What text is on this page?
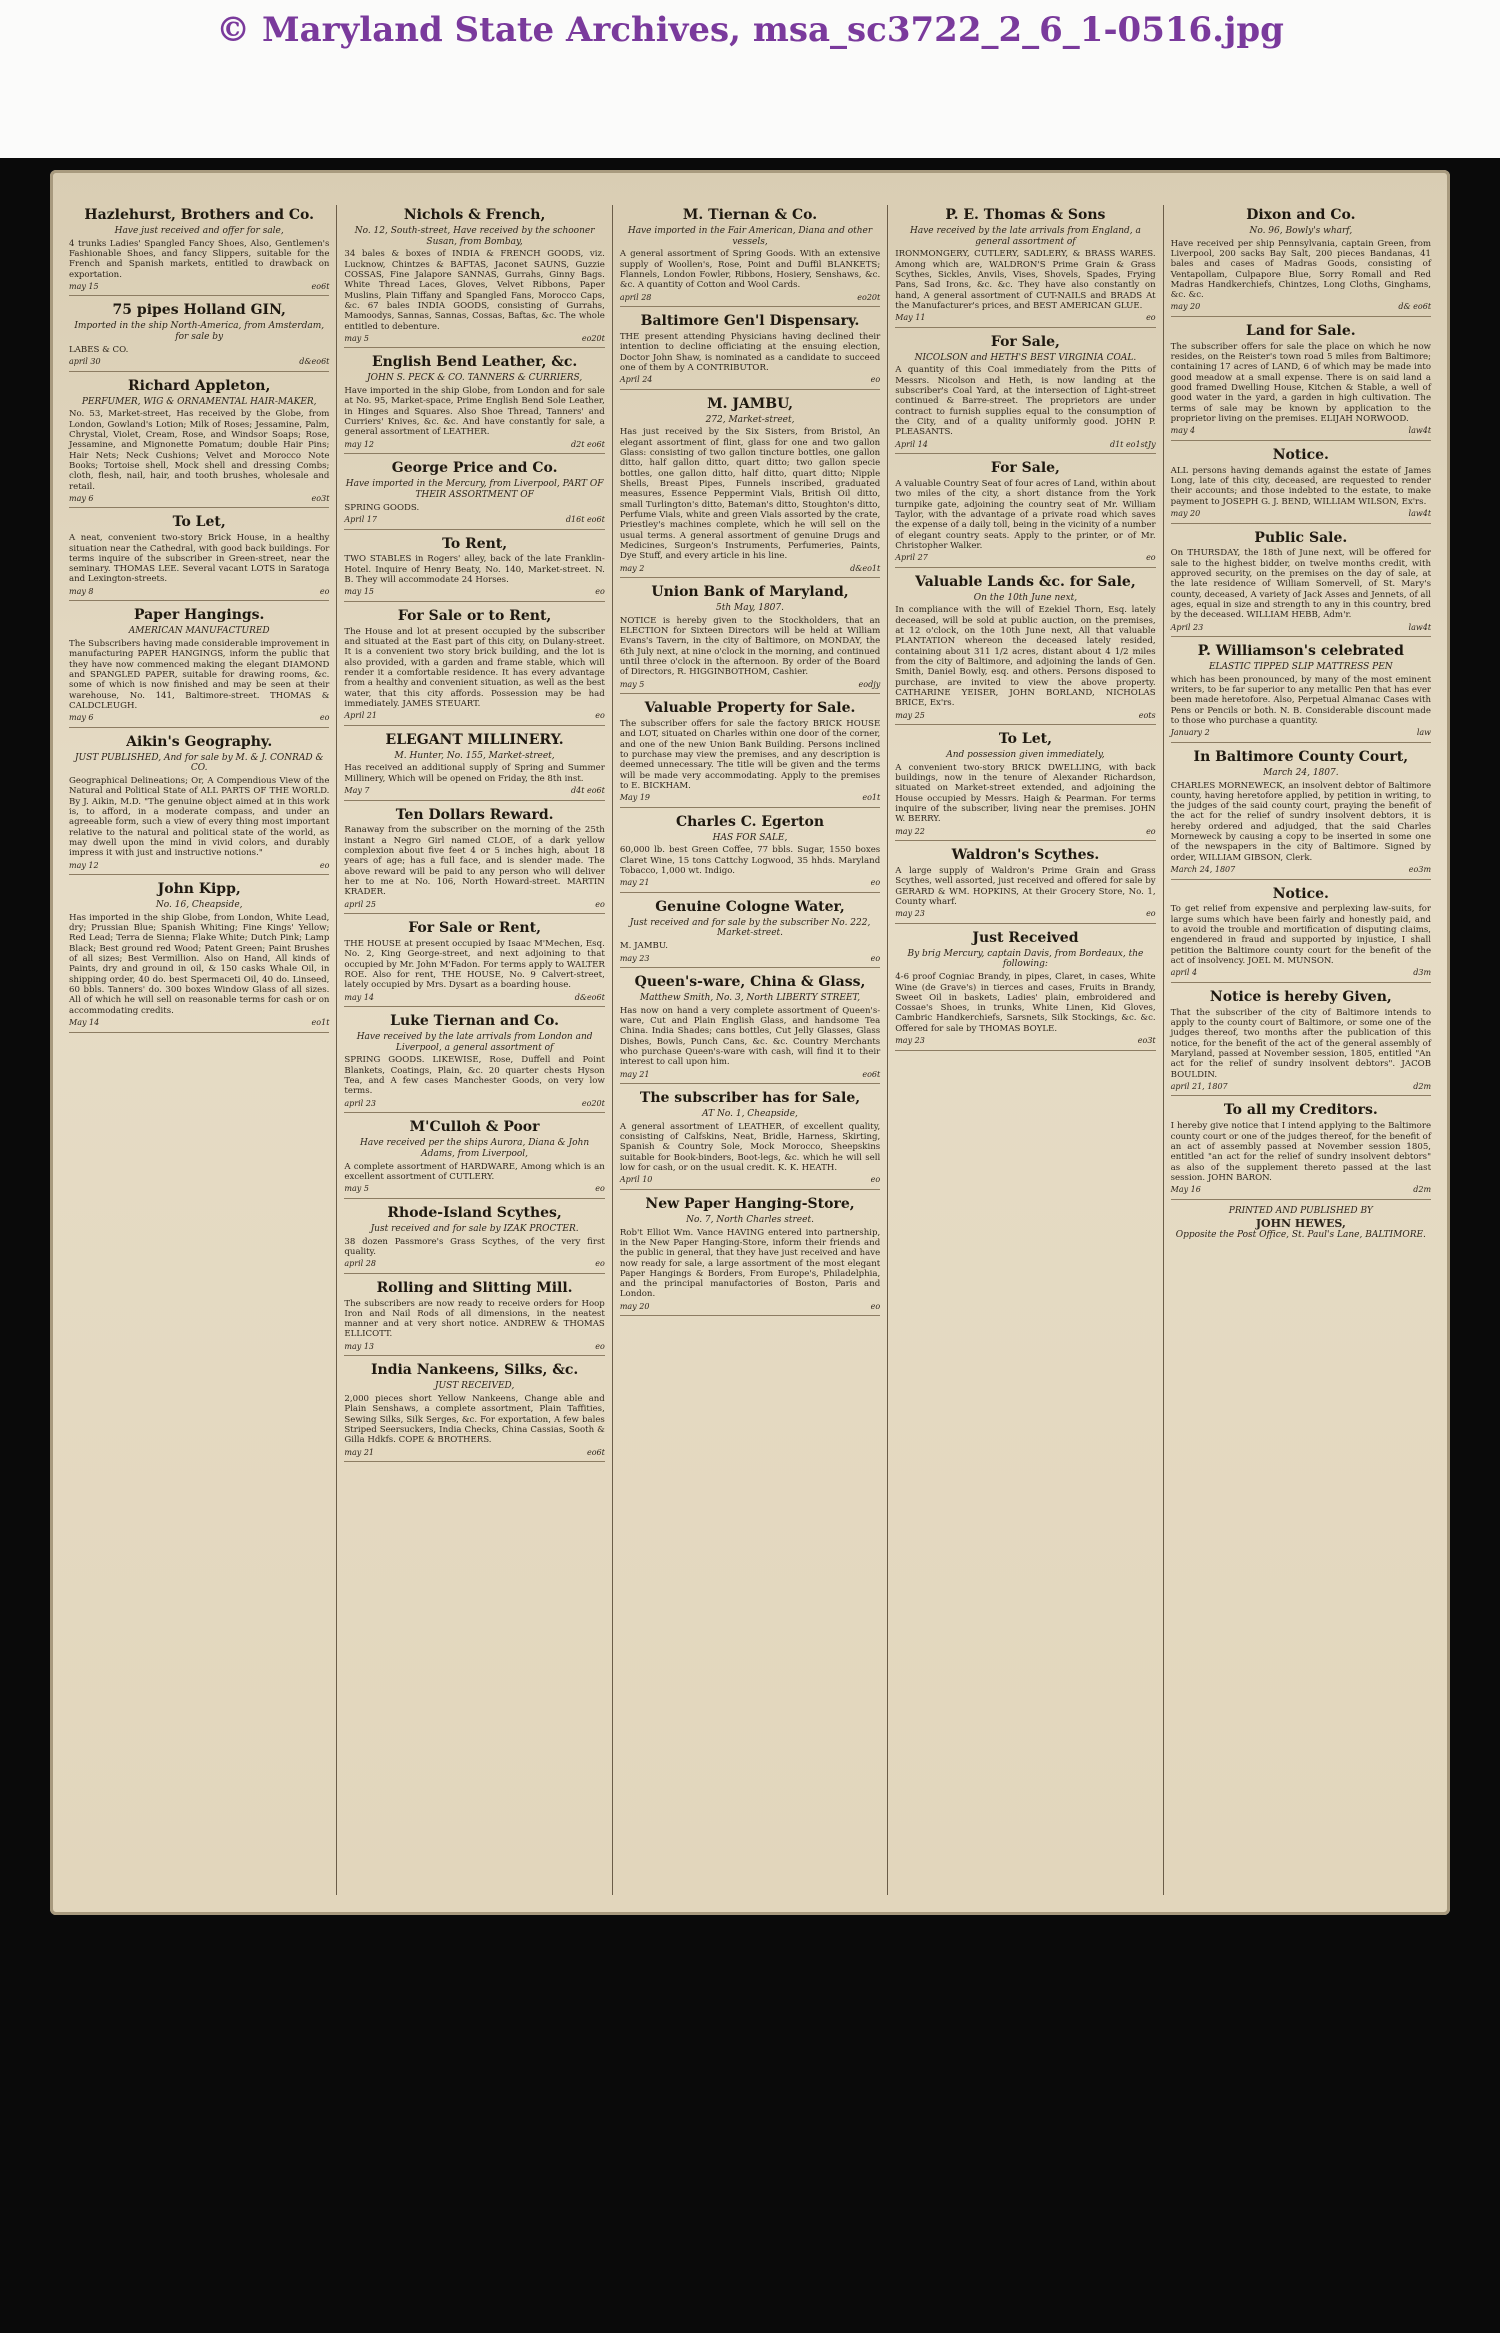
© Maryland State Archives, msa_sc3722_2_6_1-0516.jpg
Hazlehurst, Brothers and Co.
Have just received and offer for sale,

4 trunks Ladies' Spangled Fancy Shoes, Also, Gentlemen's Fashionable Shoes, and fancy Slippers, suitable for the French and Spanish markets, entitled to drawback on exportation.

may 15	eo6t
75 pipes Holland GIN,
Imported in the ship North-America, from Amsterdam, for sale by

LABES & CO.

april 30	d&eo6t
Richard Appleton,
PERFUMER, WIG & ORNAMENTAL HAIR-MAKER,

No. 53, Market-street, Has received by the Globe, from London, Gowland's Lotion; Milk of Roses; Jessamine, Palm, Chrystal, Violet, Cream, Rose, and Windsor Soaps; Rose, Jessamine, and Mignonette Pomatum; double Hair Pins; Hair Nets; Neck Cushions; Velvet and Morocco Note Books; Tortoise shell, Mock shell and dressing Combs; cloth, flesh, nail, hair, and tooth brushes, wholesale and retail.

may 6	eo3t
To Let,

A neat, convenient two-story Brick House, in a healthy situation near the Cathedral, with good back buildings. For terms inquire of the subscriber in Green-street, near the seminary. THOMAS LEE. Several vacant LOTS in Saratoga and Lexington-streets.

may 8	eo
Paper Hangings.
AMERICAN MANUFACTURED

The Subscribers having made considerable improvement in manufacturing PAPER HANGINGS, inform the public that they have now commenced making the elegant DIAMOND and SPANGLED PAPER, suitable for drawing rooms, &c. some of which is now finished and may be seen at their warehouse, No. 141, Baltimore-street. THOMAS & CALDCLEUGH.

may 6	eo
Aikin's Geography.
JUST PUBLISHED, And for sale by M. & J. CONRAD & CO.

Geographical Delineations; Or, A Compendious View of the Natural and Political State of ALL PARTS OF THE WORLD. By J. Aikin, M.D. "The genuine object aimed at in this work is, to afford, in a moderate compass, and under an agreeable form, such a view of every thing most important relative to the natural and political state of the world, as may dwell upon the mind in vivid colors, and durably impress it with just and instructive notions."

may 12	eo
John Kipp,
No. 16, Cheapside,

Has imported in the ship Globe, from London, White Lead, dry; Prussian Blue; Spanish Whiting; Fine Kings' Yellow; Red Lead; Terra de Sienna; Flake White; Dutch Pink; Lamp Black; Best ground red Wood; Patent Green; Paint Brushes of all sizes; Best Vermillion. Also on Hand, All kinds of Paints, dry and ground in oil, & 150 casks Whale Oil, in shipping order, 40 do. best Spermaceti Oil, 40 do. Linseed, 60 bbls. Tanners' do. 300 boxes Window Glass of all sizes. All of which he will sell on reasonable terms for cash or on accommodating credits.

May 14	eo1t
Nichols & French,
No. 12, South-street, Have received by the schooner Susan, from Bombay,

34 bales & boxes of INDIA & FRENCH GOODS, viz. Lucknow, Chintzes & BAFTAS, Jaconet SAUNS, Guzzie COSSAS, Fine Jalapore SANNAS, Gurrahs, Ginny Bags. White Thread Laces, Gloves, Velvet Ribbons, Paper Muslins, Plain Tiffany and Spangled Fans, Morocco Caps, &c. 67 bales INDIA GOODS, consisting of Gurrahs, Mamoodys, Sannas, Sannas, Cossas, Baftas, &c. The whole entitled to debenture.

may 5	eo20t
English Bend Leather, &c.
JOHN S. PECK & CO. TANNERS & CURRIERS,

Have imported in the ship Globe, from London and for sale at No. 95, Market-space, Prime English Bend Sole Leather, in Hinges and Squares. Also Shoe Thread, Tanners' and Curriers' Knives, &c. &c. And have constantly for sale, a general assortment of LEATHER.

may 12	d2t eo6t
George Price and Co.
Have imported in the Mercury, from Liverpool, PART OF THEIR ASSORTMENT OF

SPRING GOODS.

April 17	d16t eo6t
To Rent,

TWO STABLES in Rogers' alley, back of the late Franklin-Hotel. Inquire of Henry Beaty, No. 140, Market-street. N. B. They will accommodate 24 Horses.

may 15	eo
For Sale or to Rent,

The House and lot at present occupied by the subscriber and situated at the East part of this city, on Dulany-street. It is a convenient two story brick building, and the lot is also provided, with a garden and frame stable, which will render it a comfortable residence. It has every advantage from a healthy and convenient situation, as well as the best water, that this city affords. Possession may be had immediately. JAMES STEUART.

April 21	eo
ELEGANT MILLINERY.
M. Hunter, No. 155, Market-street,

Has received an additional supply of Spring and Summer Millinery, Which will be opened on Friday, the 8th inst.

May 7	d4t eo6t
Ten Dollars Reward.

Ranaway from the subscriber on the morning of the 25th instant a Negro Girl named CLOE, of a dark yellow complexion about five feet 4 or 5 inches high, about 18 years of age; has a full face, and is slender made. The above reward will be paid to any person who will deliver her to me at No. 106, North Howard-street. MARTIN KRADER.

april 25	eo
For Sale or Rent,

THE HOUSE at present occupied by Isaac M'Mechen, Esq. No. 2, King George-street, and next adjoining to that occupied by Mr. John M'Fadon. For terms apply to WALTER ROE. Also for rent, THE HOUSE, No. 9 Calvert-street, lately occupied by Mrs. Dysart as a boarding house.

may 14	d&eo6t
Luke Tiernan and Co.
Have received by the late arrivals from London and Liverpool, a general assortment of

SPRING GOODS. LIKEWISE, Rose, Duffell and Point Blankets, Coatings, Plain, &c. 20 quarter chests Hyson Tea, and A few cases Manchester Goods, on very low terms.

april 23	eo20t
M'Culloh & Poor
Have received per the ships Aurora, Diana & John Adams, from Liverpool,

A complete assortment of HARDWARE, Among which is an excellent assortment of CUTLERY.

may 5	eo
Rhode-Island Scythes,
Just received and for sale by IZAK PROCTER.

38 dozen Passmore's Grass Scythes, of the very first quality.

april 28	eo
Rolling and Slitting Mill.

The subscribers are now ready to receive orders for Hoop Iron and Nail Rods of all dimensions, in the neatest manner and at very short notice. ANDREW & THOMAS ELLICOTT.

may 13	eo
India Nankeens, Silks, &c.
JUST RECEIVED,

2,000 pieces short Yellow Nankeens, Change able and Plain Senshaws, a complete assortment, Plain Taffities, Sewing Silks, Silk Serges, &c. For exportation, A few bales Striped Seersuckers, India Checks, China Cassias, Sooth & Gilla Hdkfs. COPE & BROTHERS.

may 21	eo6t
M. Tiernan & Co.
Have imported in the Fair American, Diana and other vessels,

A general assortment of Spring Goods. With an extensive supply of Woollen's, Rose, Point and Duffil BLANKETS; Flannels, London Fowler, Ribbons, Hosiery, Senshaws, &c. &c. A quantity of Cotton and Wool Cards.

april 28	eo20t
Baltimore Gen'l Dispensary.

THE present attending Physicians having declined their intention to decline officiating at the ensuing election, Doctor John Shaw, is nominated as a candidate to succeed one of them by A CONTRIBUTOR.

April 24	eo
M. JAMBU,
272, Market-street,

Has just received by the Six Sisters, from Bristol, An elegant assortment of flint, glass for one and two gallon Glass: consisting of two gallon tincture bottles, one gallon ditto, half gallon ditto, quart ditto; two gallon specie bottles, one gallon ditto, half ditto, quart ditto; Nipple Shells, Breast Pipes, Funnels inscribed, graduated measures, Essence Peppermint Vials, British Oil ditto, small Turlington's ditto, Bateman's ditto, Stoughton's ditto, Perfume Vials, white and green Vials assorted by the crate, Priestley's machines complete, which he will sell on the usual terms. A general assortment of genuine Drugs and Medicines, Surgeon's Instruments, Perfumeries, Paints, Dye Stuff, and every article in his line.

may 2	d&eo1t
Union Bank of Maryland,
5th May, 1807.

NOTICE is hereby given to the Stockholders, that an ELECTION for Sixteen Directors will be held at William Evans's Tavern, in the city of Baltimore, on MONDAY, the 6th July next, at nine o'clock in the morning, and continued until three o'clock in the afternoon. By order of the Board of Directors, R. HIGGINBOTHOM, Cashier.

may 5	eodjy
Valuable Property for Sale.

The subscriber offers for sale the factory BRICK HOUSE and LOT, situated on Charles within one door of the corner, and one of the new Union Bank Building. Persons inclined to purchase may view the premises, and any description is deemed unnecessary. The title will be given and the terms will be made very accommodating. Apply to the premises to E. BICKHAM.

May 19	eo1t
Charles C. Egerton
HAS FOR SALE,

60,000 lb. best Green Coffee, 77 bbls. Sugar, 1550 boxes Claret Wine, 15 tons Cattchy Logwood, 35 hhds. Maryland Tobacco, 1,000 wt. Indigo.

may 21	eo
Genuine Cologne Water,
Just received and for sale by the subscriber No. 222, Market-street.

M. JAMBU.

may 23	eo
Queen's-ware, China & Glass,
Matthew Smith, No. 3, North LIBERTY STREET,

Has now on hand a very complete assortment of Queen's-ware, Cut and Plain English Glass, and handsome Tea China. India Shades; cans bottles, Cut Jelly Glasses, Glass Dishes, Bowls, Punch Cans, &c. &c. Country Merchants who purchase Queen's-ware with cash, will find it to their interest to call upon him.

may 21	eo6t
The subscriber has for Sale,
AT No. 1, Cheapside,

A general assortment of LEATHER, of excellent quality, consisting of Calfskins, Neat, Bridle, Harness, Skirting, Spanish & Country Sole, Mock Morocco, Sheepskins suitable for Book-binders, Boot-legs, &c. which he will sell low for cash, or on the usual credit. K. K. HEATH.

April 10	eo
New Paper Hanging-Store,
No. 7, North Charles street.

Rob't Elliot Wm. Vance HAVING entered into partnership, in the New Paper Hanging-Store, inform their friends and the public in general, that they have just received and have now ready for sale, a large assortment of the most elegant Paper Hangings & Borders, From Europe's, Philadelphia, and the principal manufactories of Boston, Paris and London.

may 20	eo
P. E. Thomas & Sons
Have received by the late arrivals from England, a general assortment of

IRONMONGERY, CUTLERY, SADLERY, & BRASS WARES. Among which are, WALDRON'S Prime Grain & Grass Scythes, Sickles, Anvils, Vises, Shovels, Spades, Frying Pans, Sad Irons, &c. &c. They have also constantly on hand, A general assortment of CUT-NAILS and BRADS At the Manufacturer's prices, and BEST AMERICAN GLUE.

May 11	eo
For Sale,
NICOLSON and HETH'S BEST VIRGINIA COAL.

A quantity of this Coal immediately from the Pitts of Messrs. Nicolson and Heth, is now landing at the subscriber's Coal Yard, at the intersection of Light-street continued & Barre-street. The proprietors are under contract to furnish supplies equal to the consumption of the City, and of a quality uniformly good. JOHN P. PLEASANTS.

April 14	d1t eo1stJy
For Sale,

A valuable Country Seat of four acres of Land, within about two miles of the city, a short distance from the York turnpike gate, adjoining the country seat of Mr. William Taylor, with the advantage of a private road which saves the expense of a daily toll, being in the vicinity of a number of elegant country seats. Apply to the printer, or of Mr. Christopher Walker.

April 27	eo
Valuable Lands &c. for Sale,
On the 10th June next,

In compliance with the will of Ezekiel Thorn, Esq. lately deceased, will be sold at public auction, on the premises, at 12 o'clock, on the 10th June next, All that valuable PLANTATION whereon the deceased lately resided, containing about 311 1/2 acres, distant about 4 1/2 miles from the city of Baltimore, and adjoining the lands of Gen. Smith, Daniel Bowly, esq. and others. Persons disposed to purchase, are invited to view the above property. CATHARINE YEISER, JOHN BORLAND, NICHOLAS BRICE, Ex'rs.

may 25	eots
To Let,
And possession given immediately,

A convenient two-story BRICK DWELLING, with back buildings, now in the tenure of Alexander Richardson, situated on Market-street extended, and adjoining the House occupied by Messrs. Haigh & Pearman. For terms inquire of the subscriber, living near the premises. JOHN W. BERRY.

may 22	eo
Waldron's Scythes.

A large supply of Waldron's Prime Grain and Grass Scythes, well assorted, just received and offered for sale by GERARD & WM. HOPKINS, At their Grocery Store, No. 1, County wharf.

may 23	eo
Just Received
By brig Mercury, captain Davis, from Bordeaux, the following:

4-6 proof Cogniac Brandy, in pipes, Claret, in cases, White Wine (de Grave's) in tierces and cases, Fruits in Brandy, Sweet Oil in baskets, Ladies' plain, embroidered and Cossae's Shoes, in trunks, White Linen, Kid Gloves, Cambric Handkerchiefs, Sarsnets, Silk Stockings, &c. &c. Offered for sale by THOMAS BOYLE.

may 23	eo3t
Dixon and Co.
No. 96, Bowly's wharf,

Have received per ship Pennsylvania, captain Green, from Liverpool, 200 sacks Bay Salt, 200 pieces Bandanas, 41 bales and cases of Madras Goods, consisting of Ventapollam, Culpapore Blue, Sorry Romall and Red Madras Handkerchiefs, Chintzes, Long Cloths, Ginghams, &c. &c.

may 20	d& eo6t
Land for Sale.

The subscriber offers for sale the place on which he now resides, on the Reister's town road 5 miles from Baltimore; containing 17 acres of LAND, 6 of which may be made into good meadow at a small expense. There is on said land a good framed Dwelling House, Kitchen & Stable, a well of good water in the yard, a garden in high cultivation. The terms of sale may be known by application to the proprietor living on the premises. ELIJAH NORWOOD.

may 4	law4t
Notice.

ALL persons having demands against the estate of James Long, late of this city, deceased, are requested to render their accounts; and those indebted to the estate, to make payment to JOSEPH G. J. BEND, WILLIAM WILSON, Ex'rs.

may 20	law4t
Public Sale.

On THURSDAY, the 18th of June next, will be offered for sale to the highest bidder, on twelve months credit, with approved security, on the premises on the day of sale, at the late residence of William Somervell, of St. Mary's county, deceased, A variety of Jack Asses and Jennets, of all ages, equal in size and strength to any in this country, bred by the deceased. WILLIAM HEBB, Adm'r.

April 23	law4t
P. Williamson's celebrated
ELASTIC TIPPED SLIP MATTRESS PEN

which has been pronounced, by many of the most eminent writers, to be far superior to any metallic Pen that has ever been made heretofore. Also, Perpetual Almanac Cases with Pens or Pencils or both. N. B. Considerable discount made to those who purchase a quantity.

January 2	law
In Baltimore County Court,
March 24, 1807.

CHARLES MORNEWECK, an insolvent debtor of Baltimore county, having heretofore applied, by petition in writing, to the judges of the said county court, praying the benefit of the act for the relief of sundry insolvent debtors, it is hereby ordered and adjudged, that the said Charles Morneweck by causing a copy to be inserted in some one of the newspapers in the city of Baltimore. Signed by order, WILLIAM GIBSON, Clerk.

March 24, 1807	eo3m
Notice.

To get relief from expensive and perplexing law-suits, for large sums which have been fairly and honestly paid, and to avoid the trouble and mortification of disputing claims, engendered in fraud and supported by injustice, I shall petition the Baltimore county court for the benefit of the act of insolvency. JOEL M. MUNSON.

april 4	d3m
Notice is hereby Given,

That the subscriber of the city of Baltimore intends to apply to the county court of Baltimore, or some one of the judges thereof, two months after the publication of this notice, for the benefit of the act of the general assembly of Maryland, passed at November session, 1805, entitled "An act for the relief of sundry insolvent debtors". JACOB BOULDIN.

april 21, 1807	d2m
To all my Creditors.

I hereby give notice that I intend applying to the Baltimore county court or one of the judges thereof, for the benefit of an act of assembly passed at November session 1805, entitled "an act for the relief of sundry insolvent debtors" as also of the supplement thereto passed at the last session. JOHN BARON.

May 16	d2m
PRINTED AND PUBLISHED BY
JOHN HEWES,
Opposite the Post Office, St. Paul's Lane, BALTIMORE.
